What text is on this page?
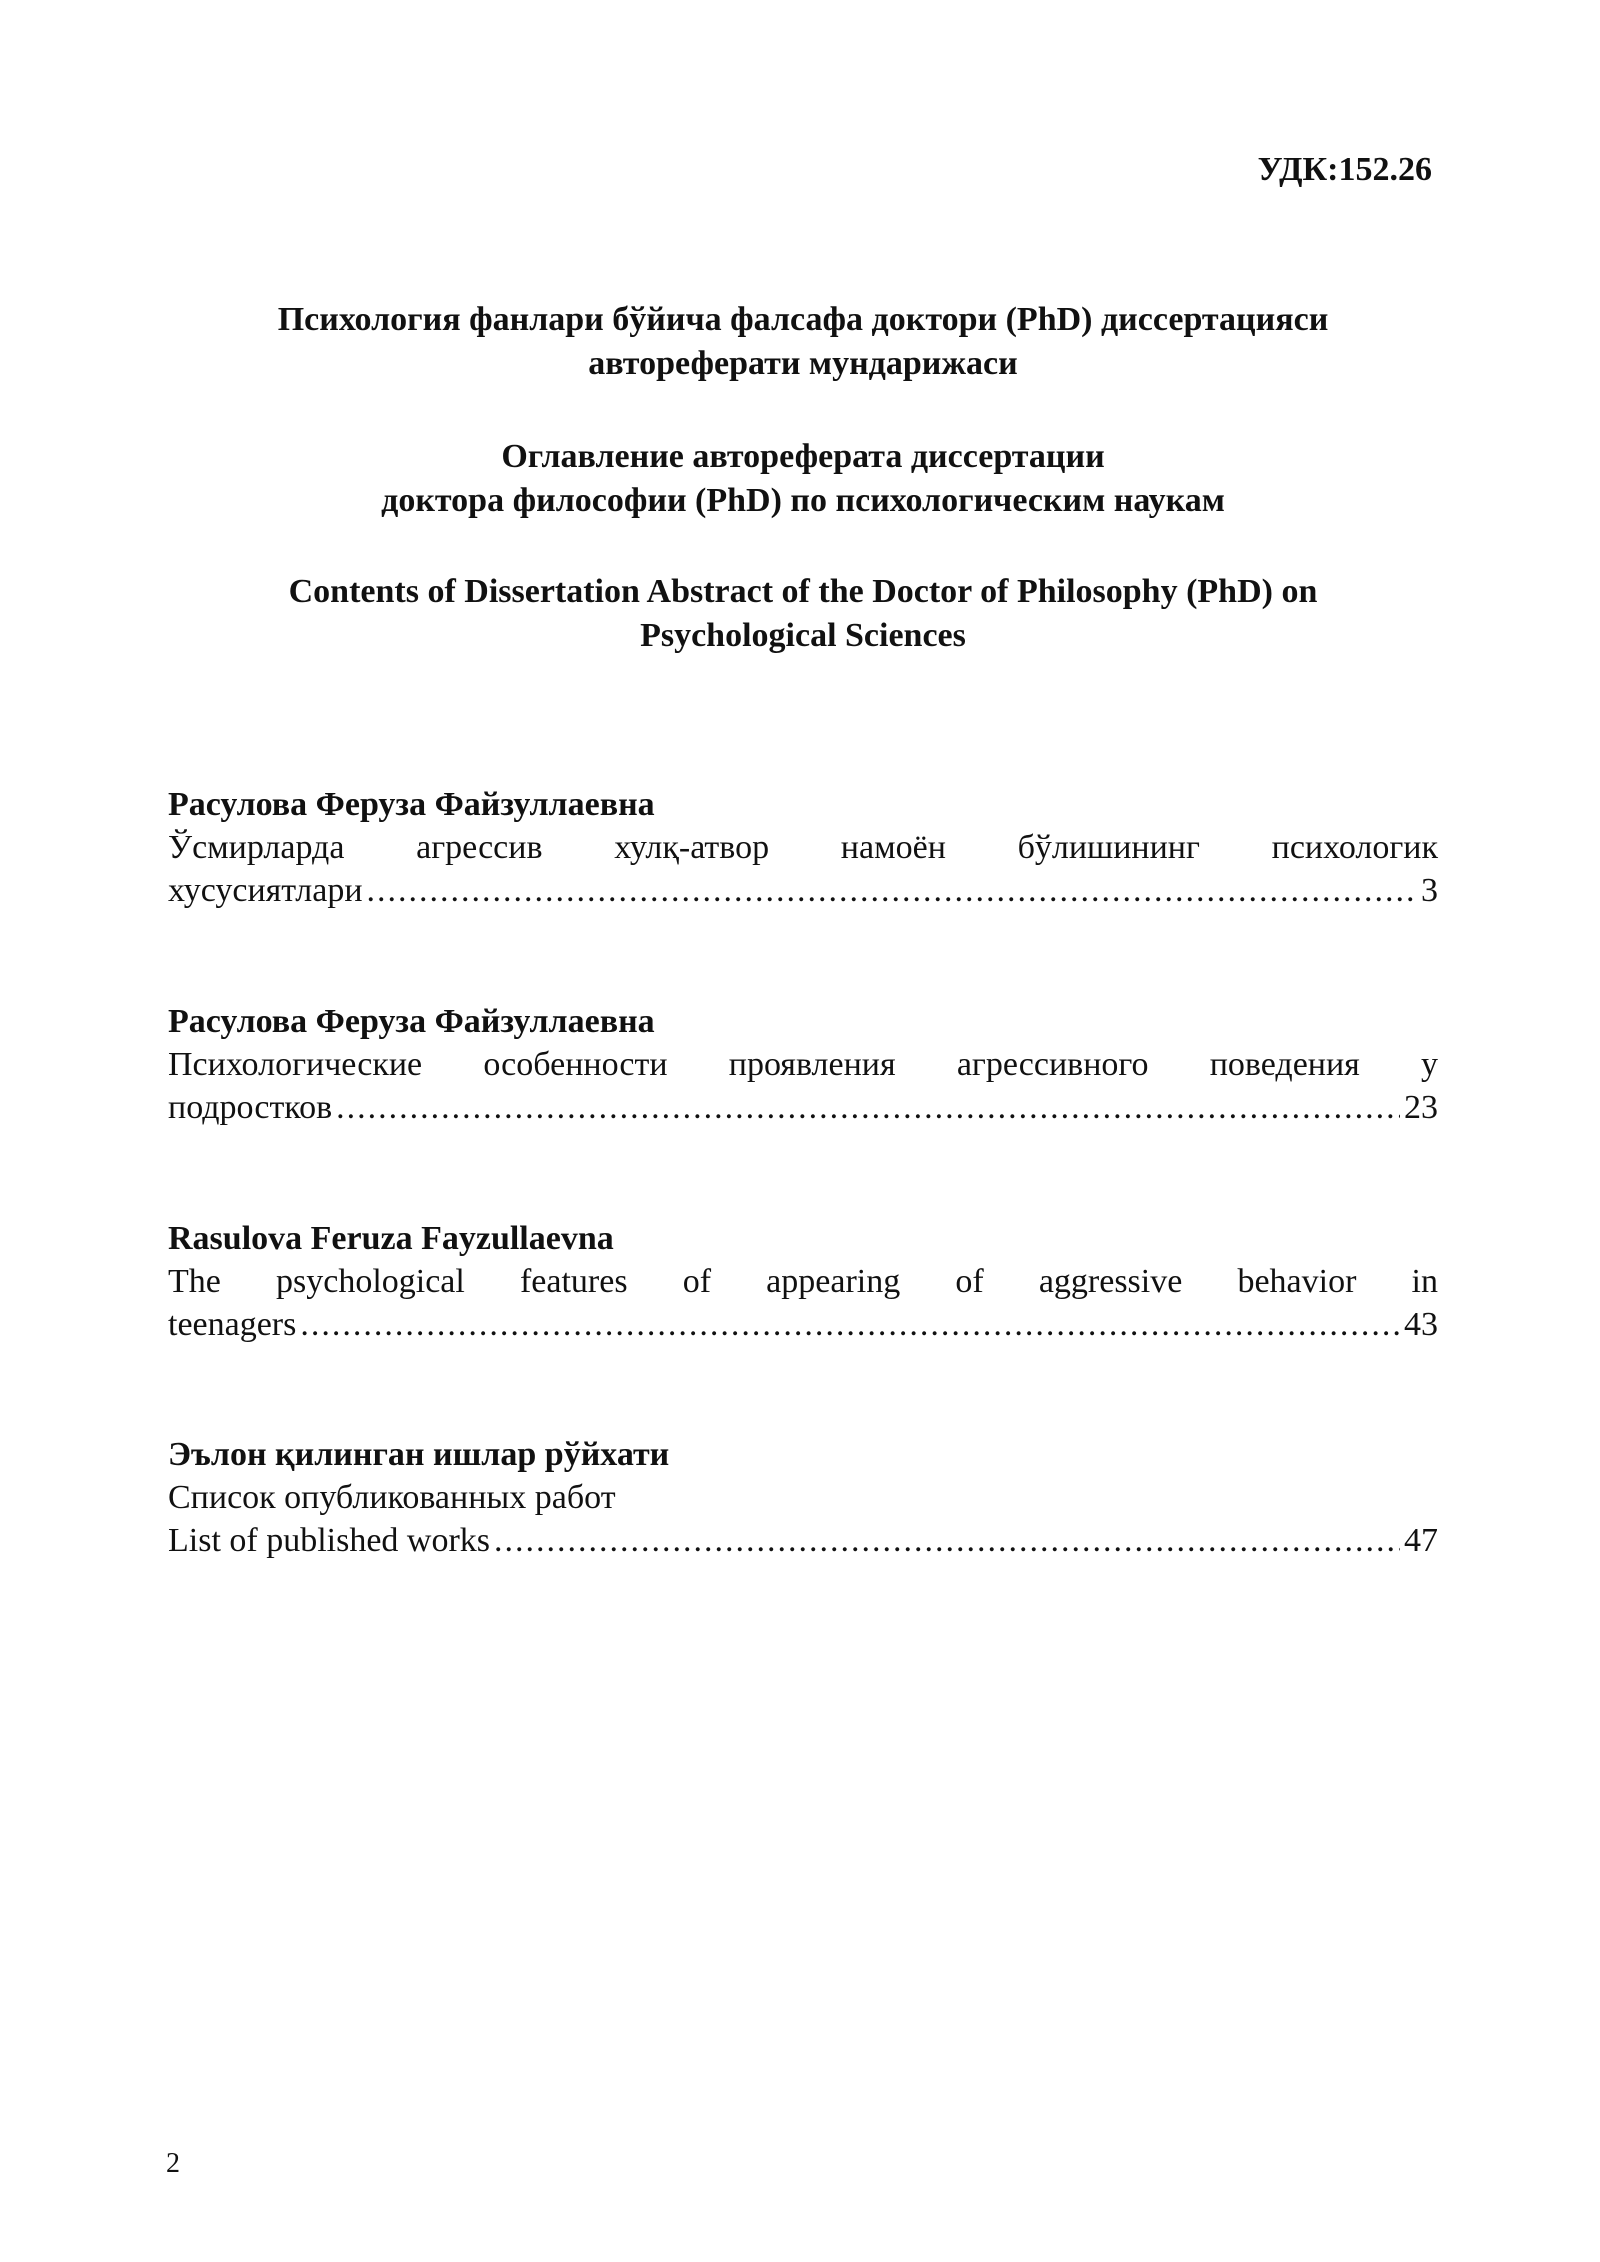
УДК:152.26

Психология фанлари бўйича фалсафа доктори (PhD) диссертацияси

автореферати мундарижаси

Оглавление автореферата диссертации

доктора философии (PhD) по психологическим наукам

Contents of Dissertation Abstract of the Doctor of Philosophy (PhD) on

Psychological Sciences

Расулова Феруза Файзуллаевна

Ўсмирларда агрессив хулқ-атвор намоён бўлишининг психологик

хусусиятлари .....	3

Расулова Феруза Файзуллаевна

Психологические особенности проявления агрессивного поведения у

подростков .....	23

Rasulova Feruza Fayzullaevna

The psychological features of appearing of aggressive behavior in

teenagers .....	43

Эълон қилинган ишлар рўйхати

Список опубликованных работ

List of published works .....	47

2
